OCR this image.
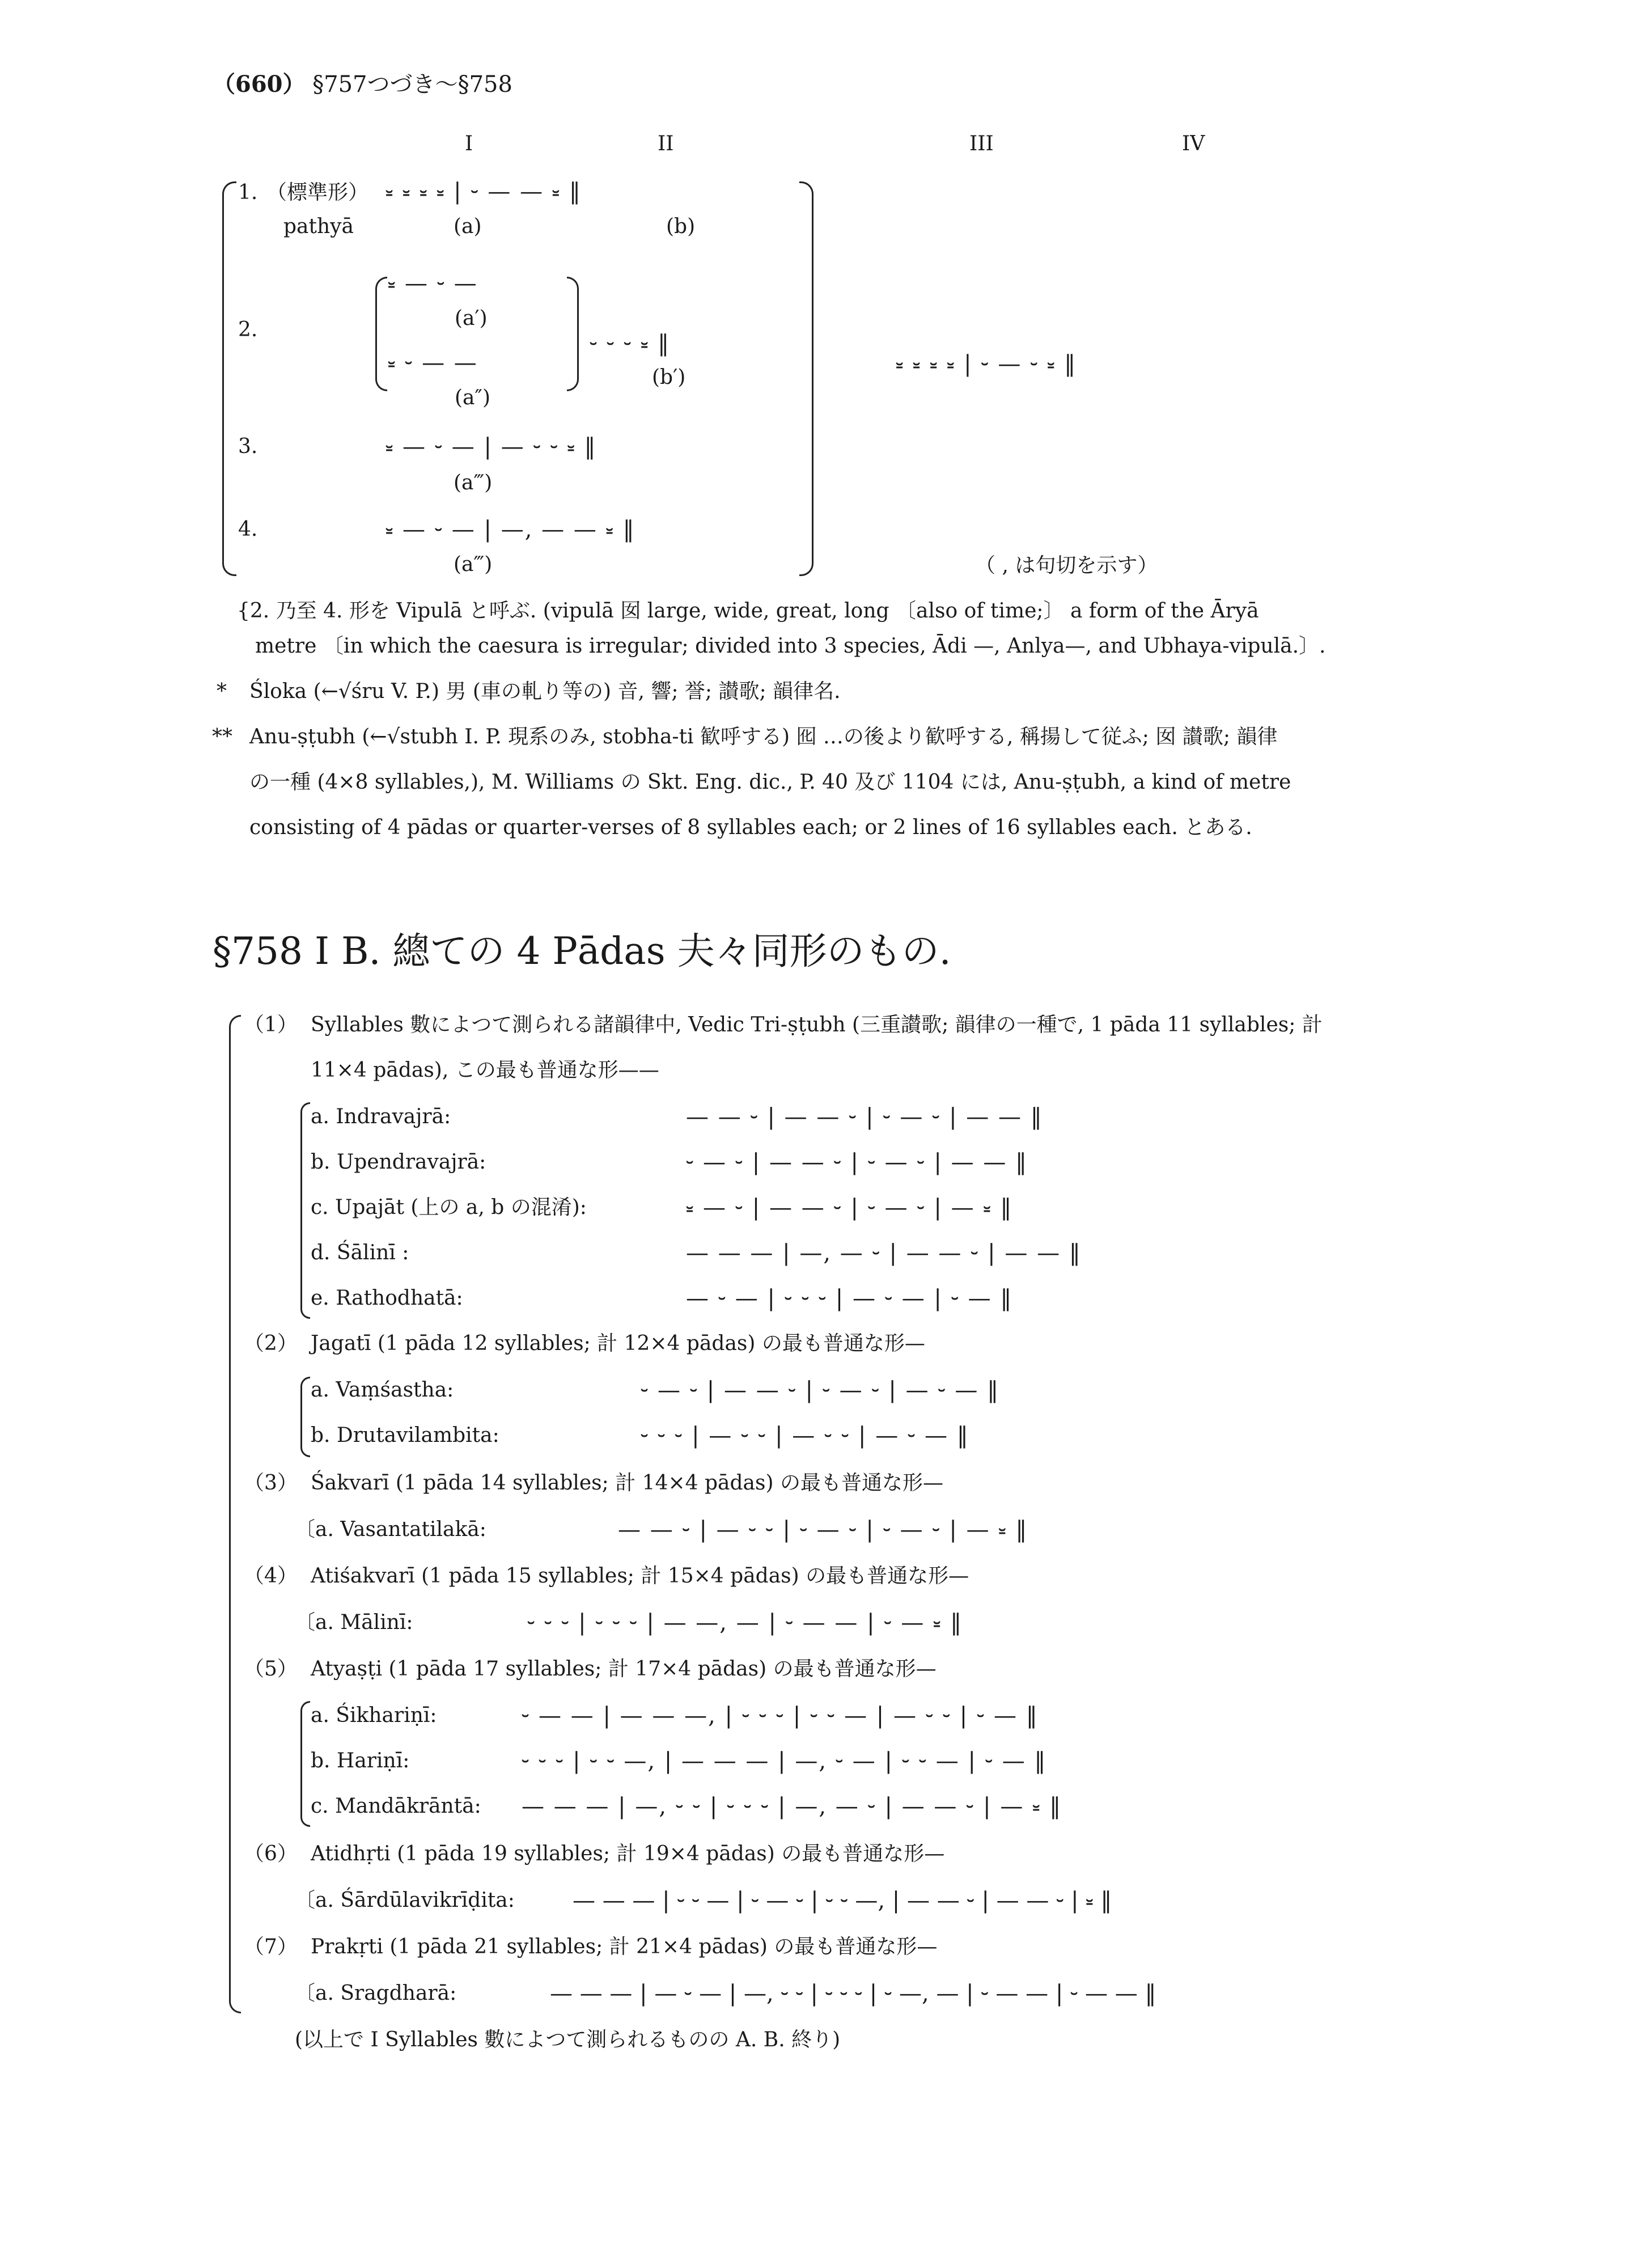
（660） §757つづき〜§758
I	II	III	IV
1. （標準形） ⏓ ⏓ ⏓ ⏓ | ⏑ — — ⏓ ‖
pathyā	(a)	(b)
2.
⏓ — ⏑ —
(a′)
⏓ ⏑ — —
(a″)
⏑ ⏑ ⏑ ⏓ ‖
(b′)
⏓ ⏓ ⏓ ⏓ | ⏑ — ⏑ ⏓ ‖
3.	⏓ — ⏑ — | — ⏑ ⏑ ⏓ ‖
(a‴)
4.	⏓ — ⏑ — | —, — — ⏓ ‖
(a‴)	（ , は句切を示す）
{2. 乃至 4. 形を Vipulā と呼ぶ. (vipulā 囡 large, wide, great, long 〔also of time;〕 a form of the Āryā
metre 〔in which the caesura is irregular; divided into 3 species, Ādi —, Anlya—, and Ubhaya-vipulā.〕.
* Śloka (←√śru V. P.) 男 (車の軋り等の) 音, 響; 誉; 讃歌; 韻律名.
** Anu-ṣṭubh (←√stubh I. P. 現系のみ, stobha-ti 歓呼する) 囮 …の後より歓呼する, 稱揚して従ふ; 囡 讃歌; 韻律
の一種 (4×8 syllables,), M. Williams の Skt. Eng. dic., P. 40 及び 1104 には, Anu-ṣṭubh, a kind of metre
consisting of 4 pādas or quarter-verses of 8 syllables each; or 2 lines of 16 syllables each. とある.
§758 I B. 總ての 4 Pādas 夫々同形のもの.
（1） Syllables 數によつて測られる諸韻律中, Vedic Tri-ṣṭubh (三重讃歌; 韻律の一種で, 1 pāda 11 syllables; 計
11×4 pādas), この最も普通な形——
a. Indravajrā:	— — ⏑ | — — ⏑ | ⏑ — ⏑ | — — ‖
b. Upendravajrā:	⏑ — ⏑ | — — ⏑ | ⏑ — ⏑ | — — ‖
c. Upajāt (上の a, b の混淆):	⏓ — ⏑ | — — ⏑ | ⏑ — ⏑ | — ⏓ ‖
d. Śālinī :	— — — | —, — ⏑ | — — ⏑ | — — ‖
e. Rathodhatā:	— ⏑ — | ⏑ ⏑ ⏑ | — ⏑ — | ⏑ — ‖
（2） Jagatī (1 pāda 12 syllables; 計 12×4 pādas) の最も普通な形—
a. Vaṃśastha:	⏑ — ⏑ | — — ⏑ | ⏑ — ⏑ | — ⏑ — ‖
b. Drutavilambita:	⏑ ⏑ ⏑ | — ⏑ ⏑ | — ⏑ ⏑ | — ⏑ — ‖
（3） Śakvarī (1 pāda 14 syllables; 計 14×4 pādas) の最も普通な形—
〔a. Vasantatilakā:	— — ⏑ | — ⏑ ⏑ | ⏑ — ⏑ | ⏑ — ⏑ | — ⏓ ‖
（4） Atiśakvarī (1 pāda 15 syllables; 計 15×4 pādas) の最も普通な形—
〔a. Mālinī:	⏑ ⏑ ⏑ | ⏑ ⏑ ⏑ | — —, — | ⏑ — — | ⏑ — ⏓ ‖
（5） Atyaṣṭi (1 pāda 17 syllables; 計 17×4 pādas) の最も普通な形—
a. Śikhariṇī:	⏑ — — | — — —, | ⏑ ⏑ ⏑ | ⏑ ⏑ — | — ⏑ ⏑ | ⏑ — ‖
b. Hariṇī:	⏑ ⏑ ⏑ | ⏑ ⏑ —, | — — — | —, ⏑ — | ⏑ ⏑ — | ⏑ — ‖
c. Mandākrāntā: — — — | —, ⏑ ⏑ | ⏑ ⏑ ⏑ | —, — ⏑ | — — ⏑ | — ⏓ ‖
（6） Atidhṛti (1 pāda 19 syllables; 計 19×4 pādas) の最も普通な形—
〔a. Śārdūlavikrīḍita:	— — — | ⏑ ⏑ — | ⏑ — ⏑ | ⏑ ⏑ —, | — — ⏑ | — — ⏑ | ⏓ ‖
（7） Prakṛti (1 pāda 21 syllables; 計 21×4 pādas) の最も普通な形—
〔a. Sragdharā:	— — — | — ⏑ — | —, ⏑ ⏑ | ⏑ ⏑ ⏑ | ⏑ —, — | ⏑ — — | ⏑ — — ‖
(以上で I Syllables 數によつて測られるものの A. B. 終り)
